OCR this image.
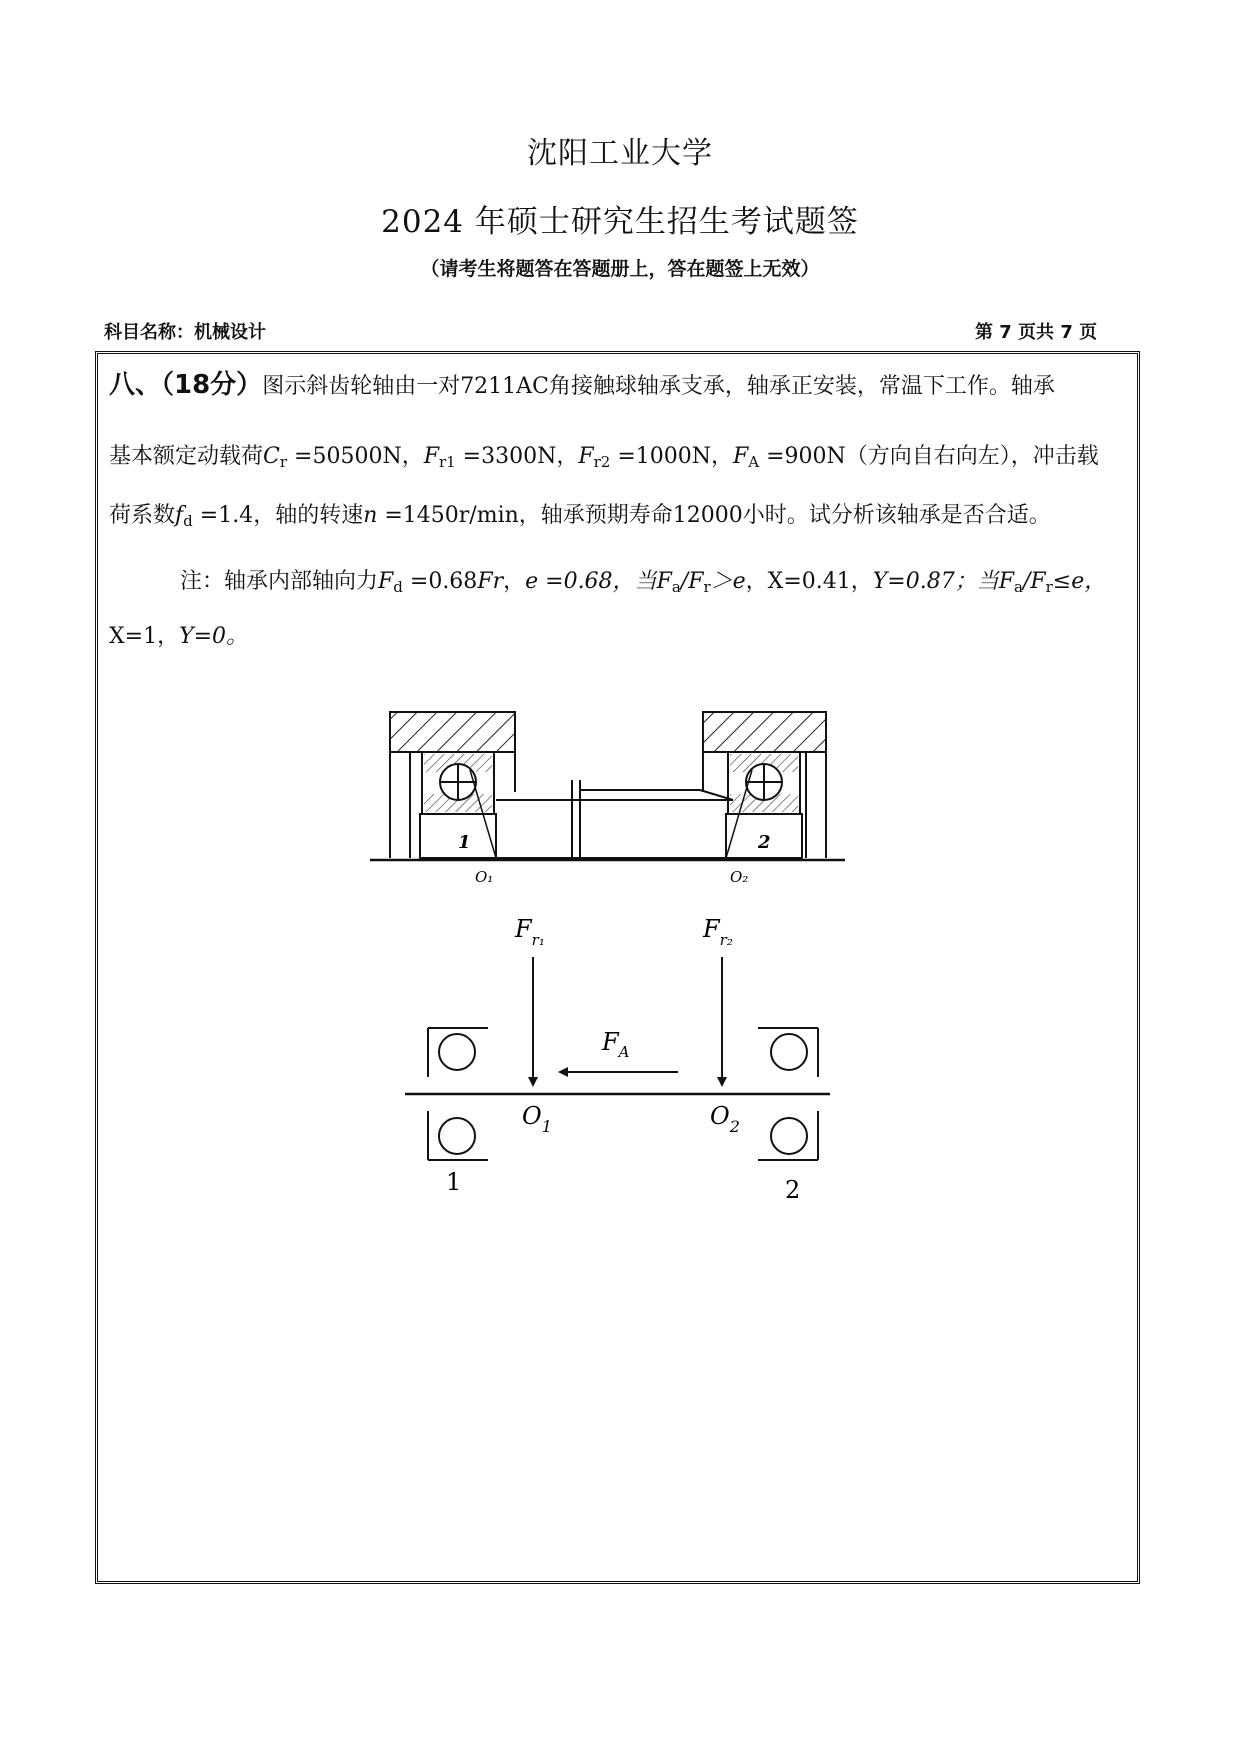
沈阳工业大学
2024 年硕士研究生招生考试题签
（请考生将题答在答题册上，答在题签上无效）
科目名称：机械设计	第 7 页共 7 页
八、（18分）图示斜齿轮轴由一对7211AC角接触球轴承支承，轴承正安装，常温下工作。轴承
基本额定动载荷$C_r =50500N$，$F_{r1} =3300N$，$F_{r2} =1000N$，$F_A =900N$（方向自右向左），冲击载
荷系数$f_d =1.4$，轴的转速n =1450r/min，轴承预期寿命12000小时。试分析该轴承是否合适。
注：轴承内部轴向力$F_d =0.68Fr$，e =0.68，当$F_a/F_r>e$，X=0.41，Y=0.87；当$F_a/F_r\le e$，
X=1，Y=0。
1	2
O₁	O₂
$F_{r_1}$	$F_{r_2}$
$F_A$
$O_1$	$O_2$
1	2
